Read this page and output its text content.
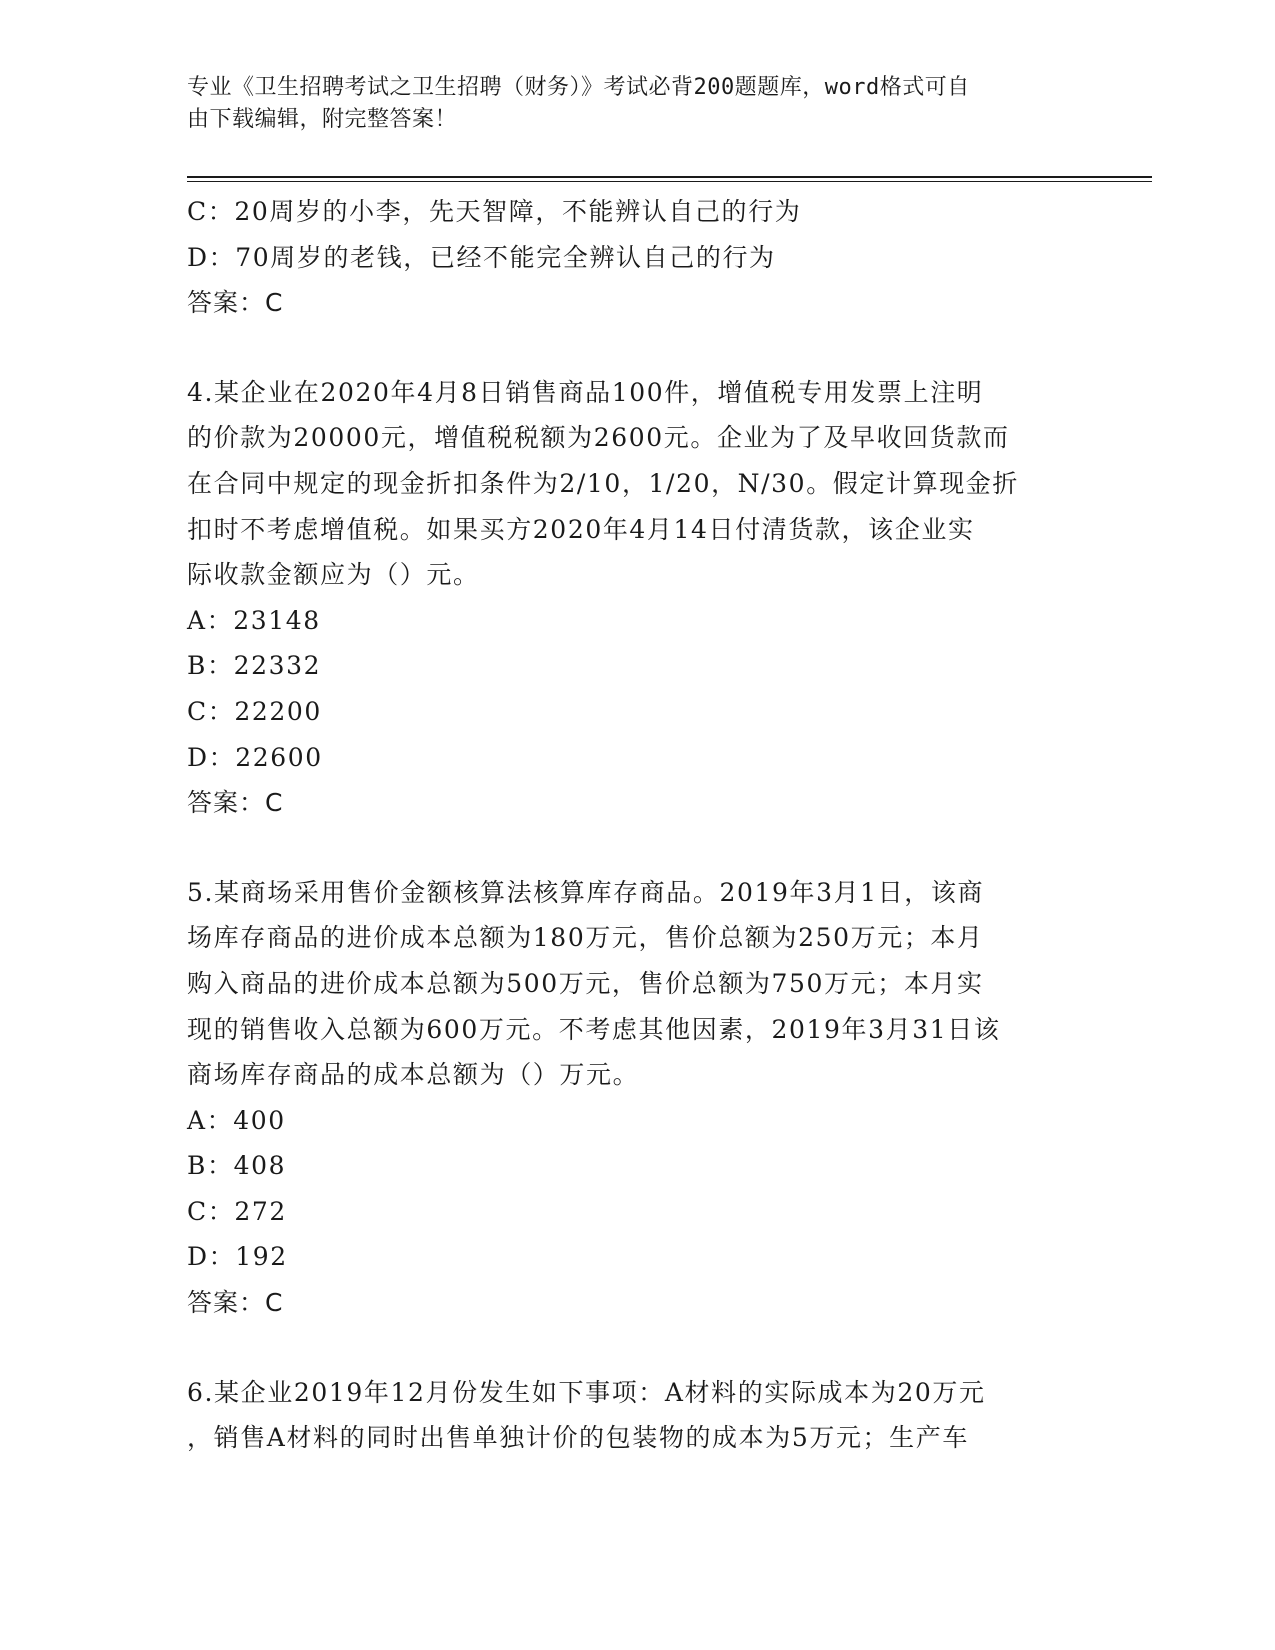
专业《卫生招聘考试之卫生招聘（财务）》考试必背200题题库，word格式可自
由下载编辑，附完整答案！
C：20周岁的小李，先天智障，不能辨认自己的行为
D：70周岁的老钱，已经不能完全辨认自己的行为
答案：C
4.某企业在2020年4月8日销售商品100件，增值税专用发票上注明
的价款为20000元，增值税税额为2600元。企业为了及早收回货款而
在合同中规定的现金折扣条件为2/10，1/20，N/30。假定计算现金折
扣时不考虑增值税。如果买方2020年4月14日付清货款，该企业实
际收款金额应为（）元。
A：23148
B：22332
C：22200
D：22600
答案：C
5.某商场采用售价金额核算法核算库存商品。2019年3月1日，该商
场库存商品的进价成本总额为180万元，售价总额为250万元；本月
购入商品的进价成本总额为500万元，售价总额为750万元；本月实
现的销售收入总额为600万元。不考虑其他因素，2019年3月31日该
商场库存商品的成本总额为（）万元。
A：400
B：408
C：272
D：192
答案：C
6.某企业2019年12月份发生如下事项：A材料的实际成本为20万元
，销售A材料的同时出售单独计价的包装物的成本为5万元；生产车
